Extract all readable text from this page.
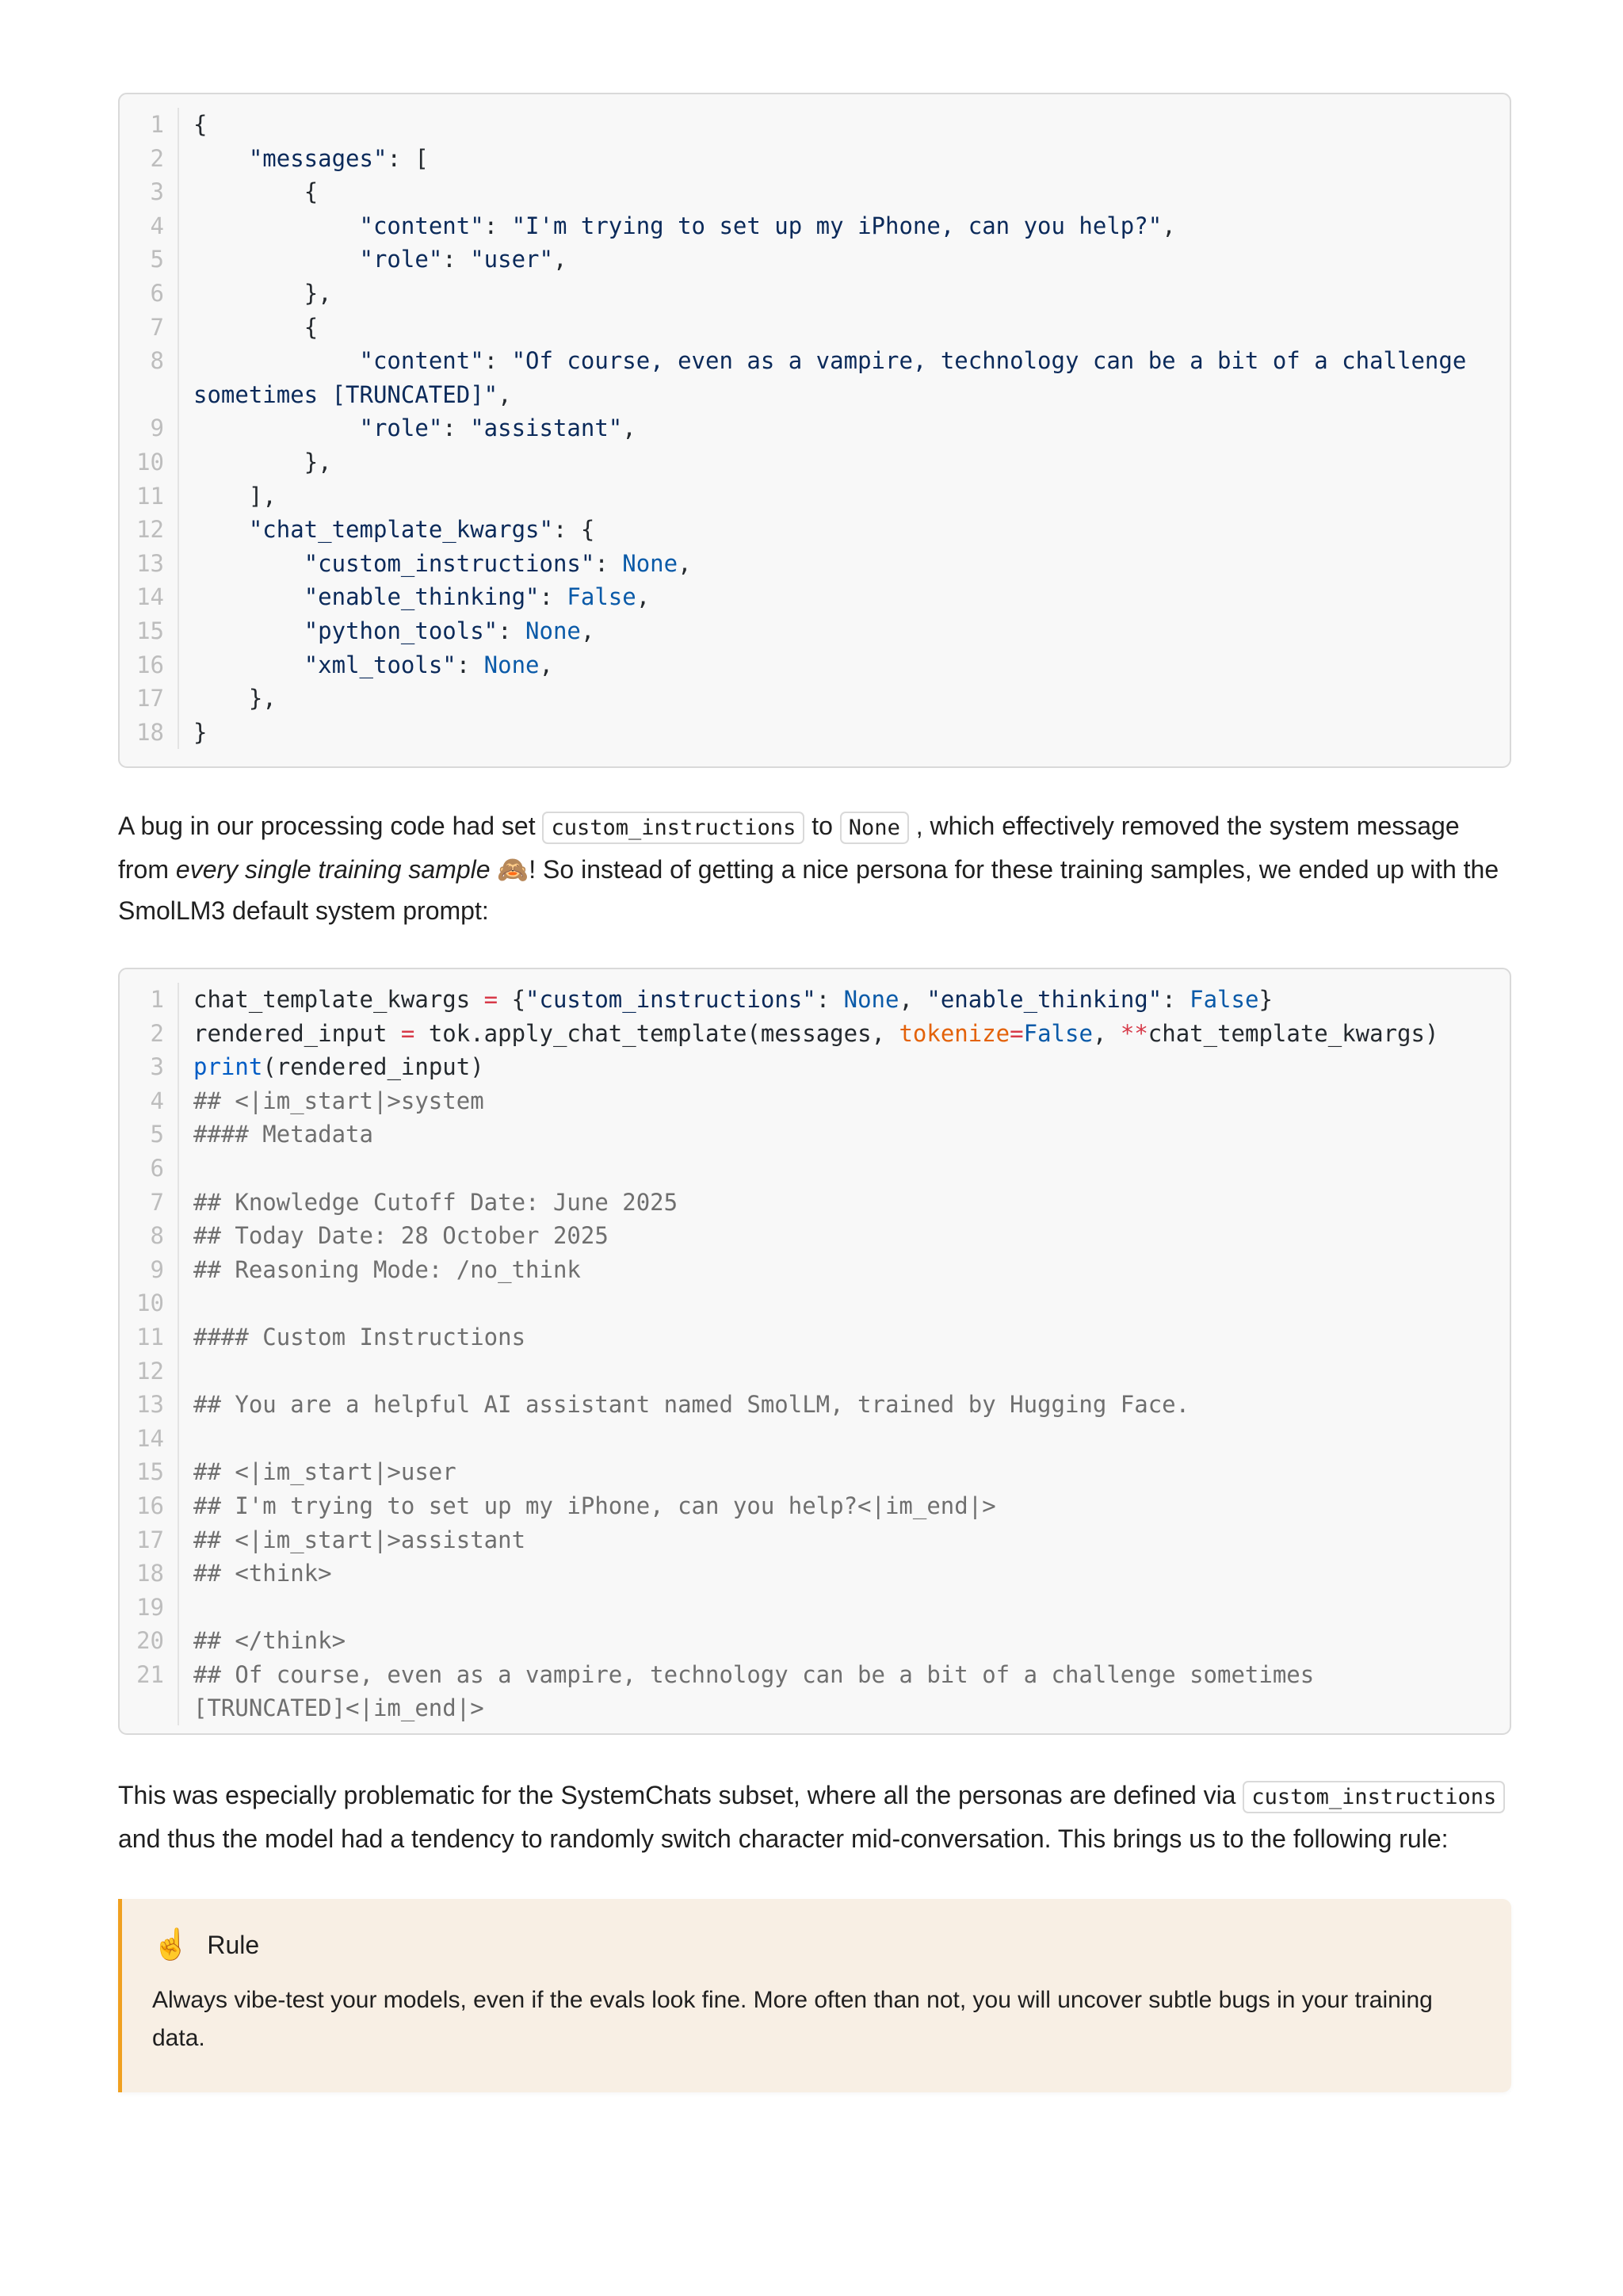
1	{
2	"messages": [
3	{
4	"content": "I'm trying to set up my iPhone, can you help?",
5	"role": "user",
6	},
7	{
8	"content": "Of course, even as a vampire, technology can be a bit of a challenge sometimes [TRUNCATED]",
9	"role": "assistant",
10	},
11	],
12	"chat_template_kwargs": {
13	"custom_instructions": None,
14	"enable_thinking": False,
15	"python_tools": None,
16	"xml_tools": None,
17	},
18	}

A bug in our processing code had set custom_instructions to None , which effectively removed the system message from every single training sample 🙈! So instead of getting a nice persona for these training samples, we ended up with the SmolLM3 default system prompt:

1	chat_template_kwargs = {"custom_instructions": None, "enable_thinking": False}
2	rendered_input = tok.apply_chat_template(messages, tokenize=False, **chat_template_kwargs)
3	print(rendered_input)
4	## <|im_start|>system
5	#### Metadata
6

7	## Knowledge Cutoff Date: June 2025
8	## Today Date: 28 October 2025
9	## Reasoning Mode: /no_think
10

11	#### Custom Instructions
12

13	## You are a helpful AI assistant named SmolLM, trained by Hugging Face.
14

15	## <|im_start|>user
16	## I'm trying to set up my iPhone, can you help?<|im_end|>
17	## <|im_start|>assistant
18	## <think>
19

20	## </think>
21	## Of course, even as a vampire, technology can be a bit of a challenge sometimes [TRUNCATED]<|im_end|>

This was especially problematic for the SystemChats subset, where all the personas are defined via custom_instructions and thus the model had a tendency to randomly switch character mid-conversation. This brings us to the following rule:

☝ Rule
Always vibe-test your models, even if the evals look fine. More often than not, you will uncover subtle bugs in your training data.
